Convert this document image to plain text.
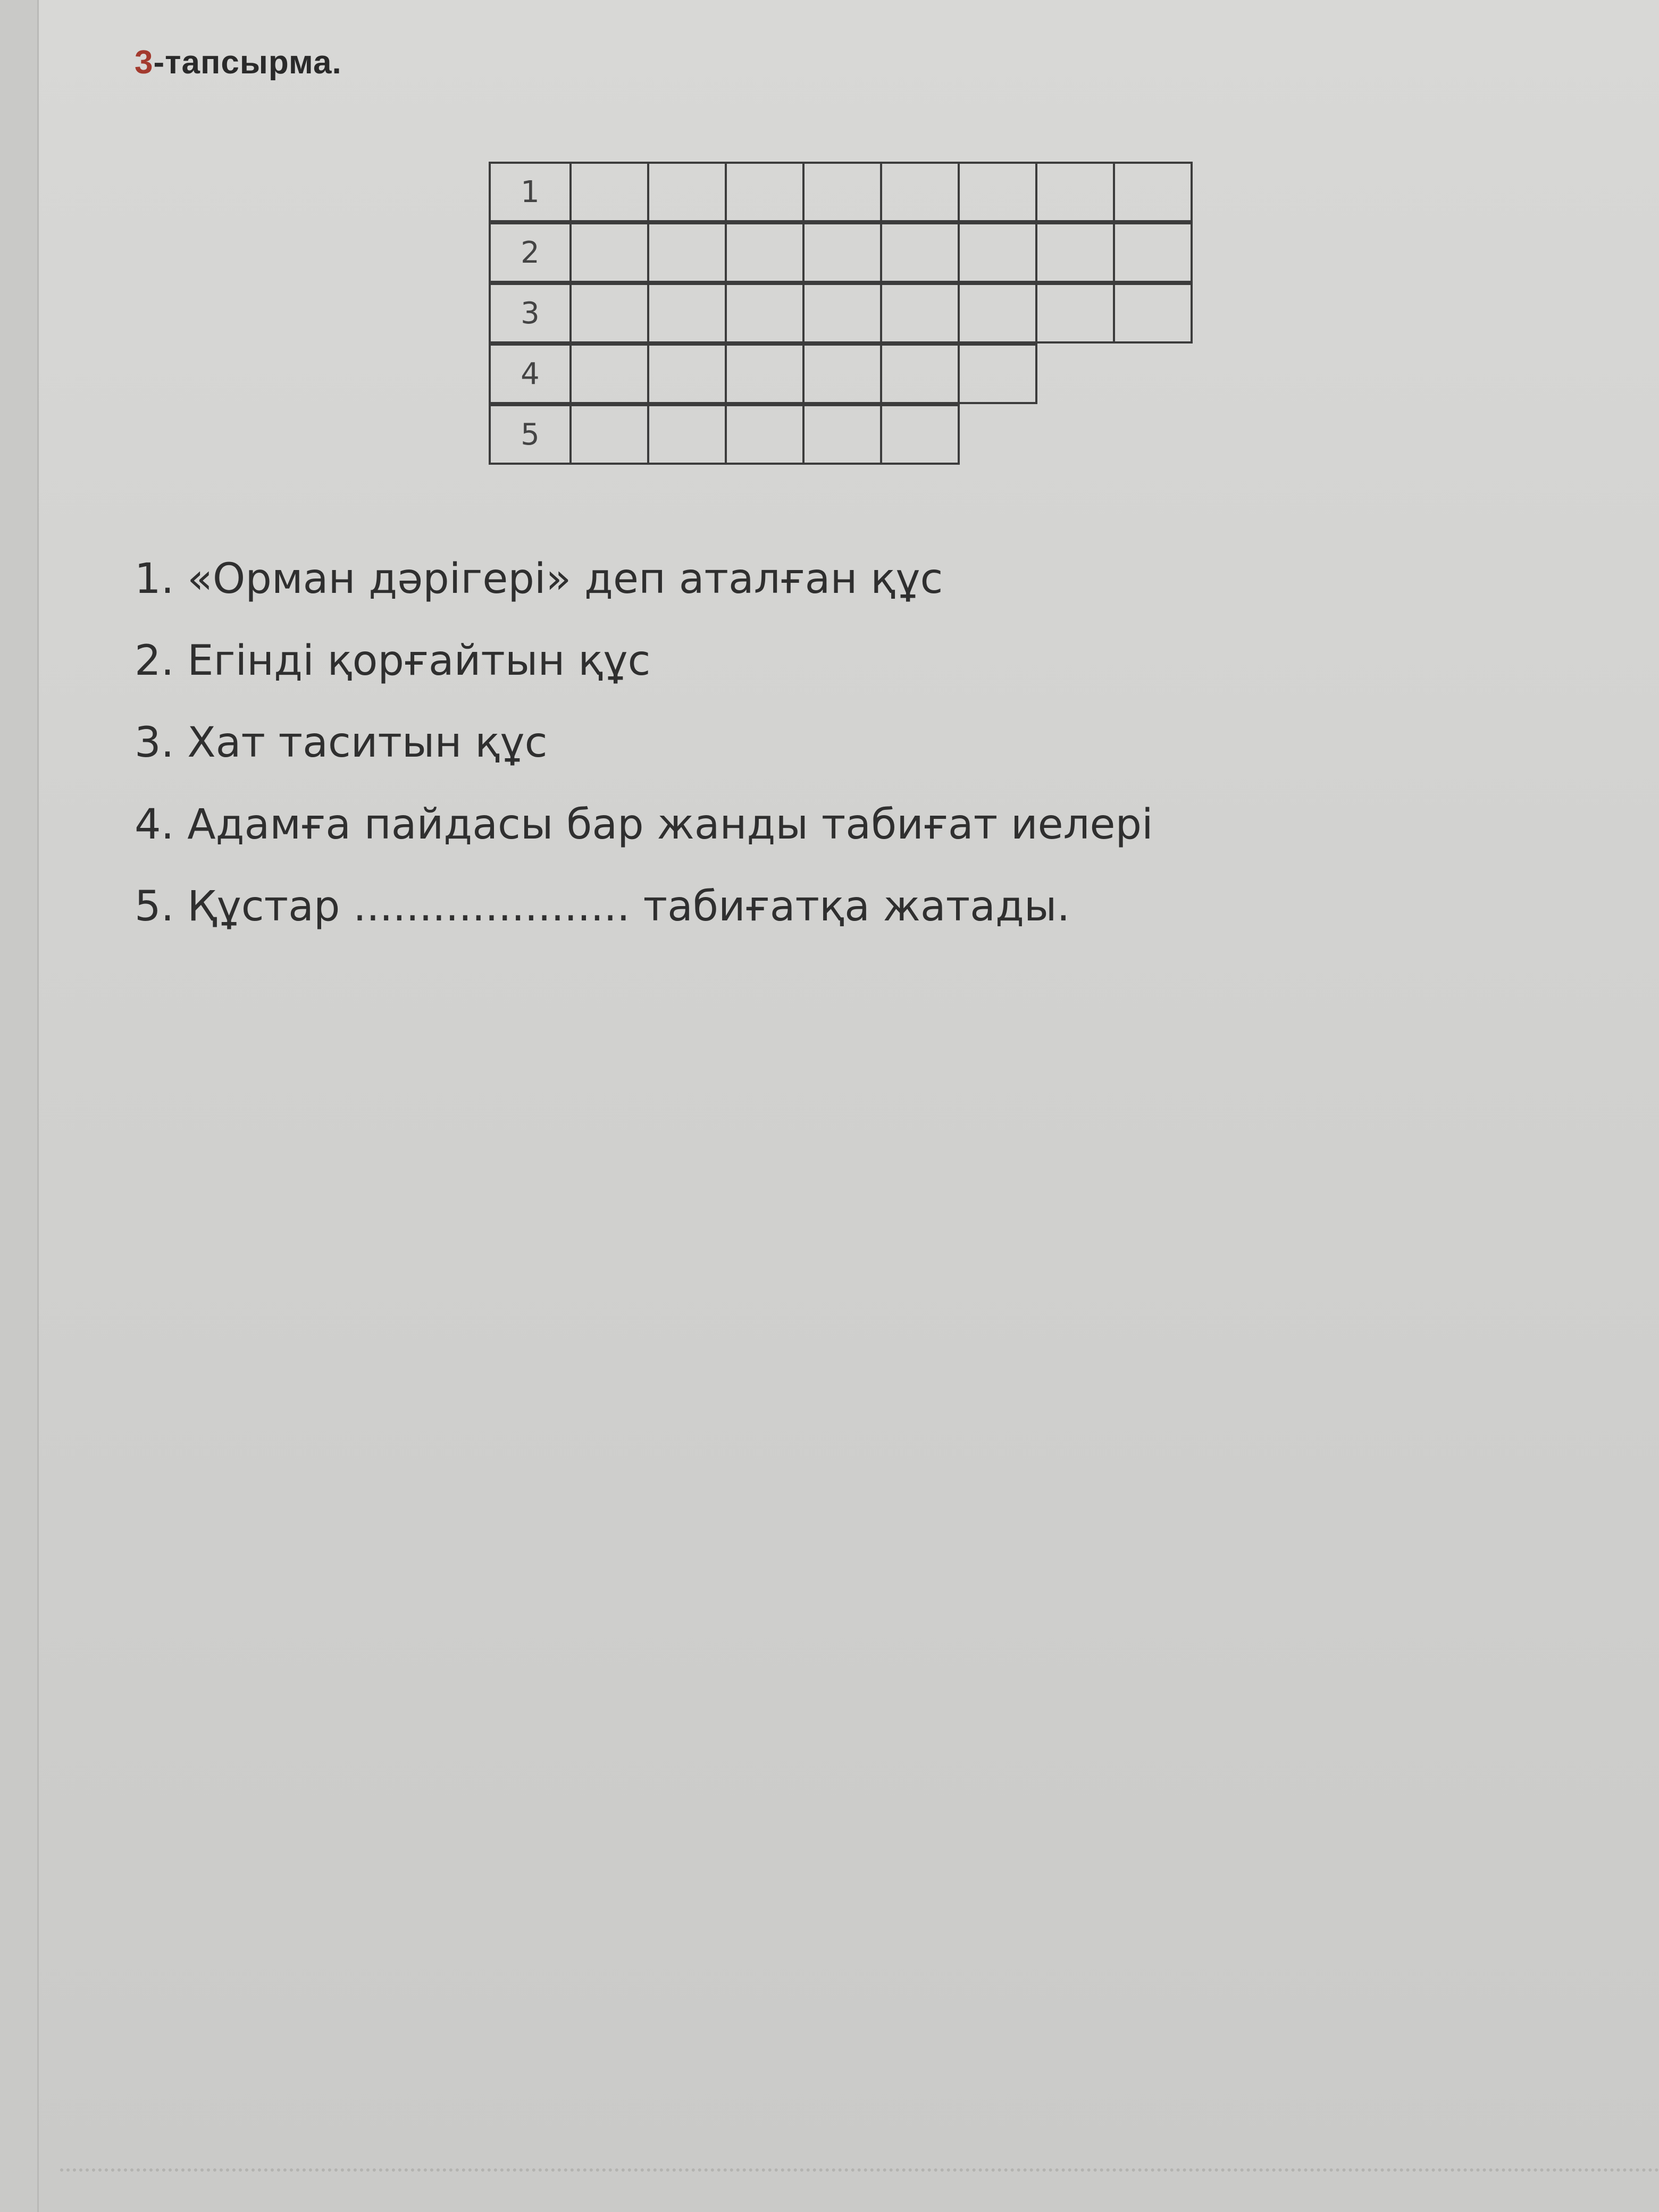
3-тапсырма.
1
2
3
4
5
1. «Орман дәрігері» деп аталған құс
2. Егінді қорғайтын құс
3. Хат таситын құс
4. Адамға пайдасы бар жанды табиғат иелері
5. Құстар ..................... табиғатқа жатады.
